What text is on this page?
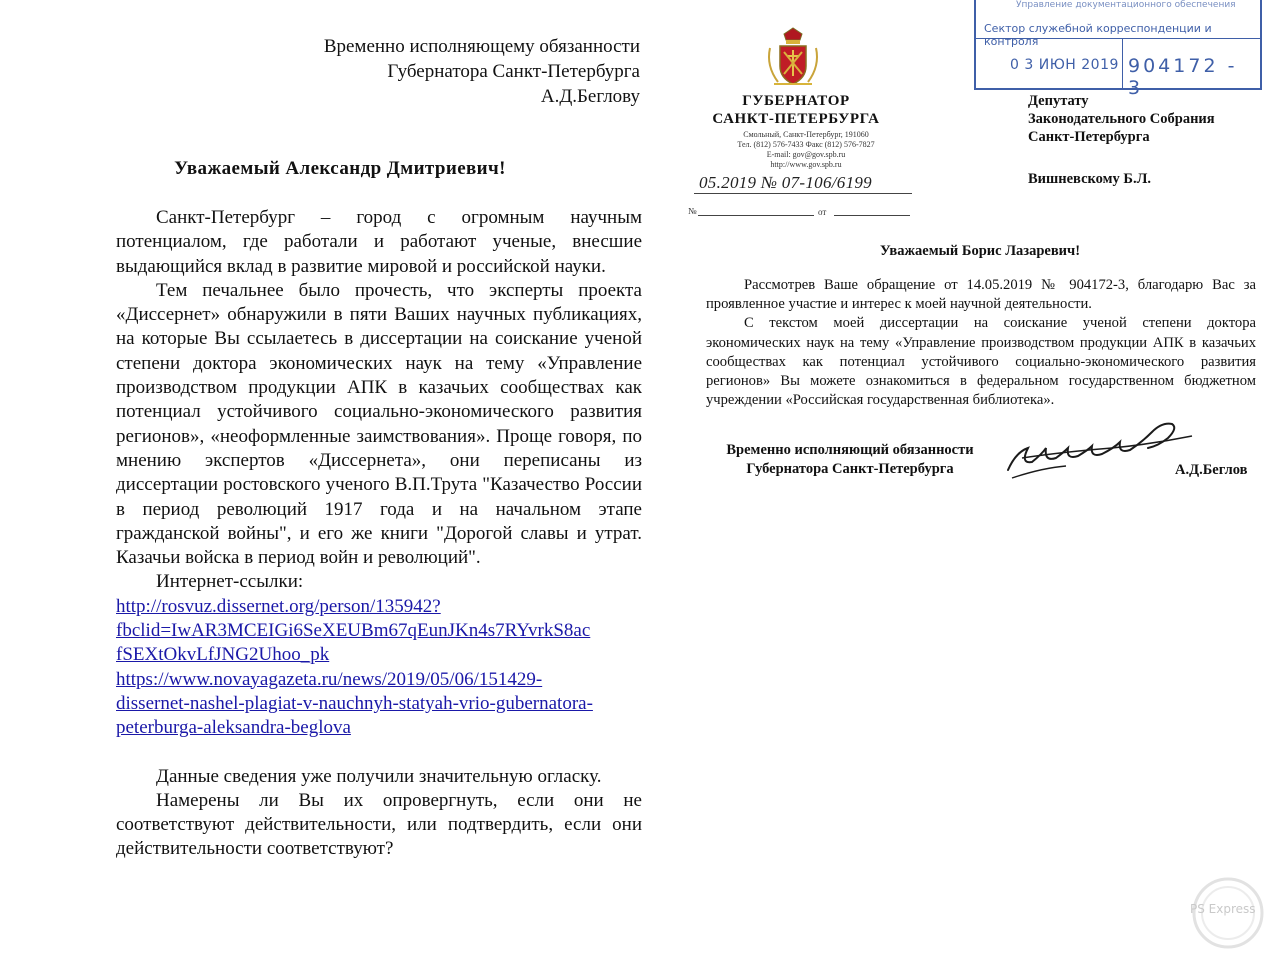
Временно исполняющему обязанности
Губернатора Санкт-Петербурга
А.Д.Беглову
Уважаемый Александр Дмитриевич!

Санкт-Петербург – город с огромным научным потенциалом, где работали и работают ученые, внесшие выдающийся вклад в развитие мировой и российской науки.

Тем печальнее было прочесть, что эксперты проекта «Диссернет» обнаружили в пяти Ваших научных публикациях, на которые Вы ссылаетесь в диссертации на соискание ученой степени доктора экономических наук на тему «Управление производством продукции АПК в казачьих сообществах как потенциал устойчивого социально-экономического развития регионов», «неоформленные заимствования». Проще говоря, по мнению экспертов «Диссернета», они переписаны из диссертации ростовского ученого В.П.Трута "Казачество России в период революций 1917 года и на начальном этапе гражданской войны", и его же книги "Дорогой славы и утрат. Казачьи войска в период войн и революций".

Интернет-ссылки:

http://rosvuz.dissernet.org/person/135942?
fbclid=IwAR3MCEIGi6SeXEUBm67qEunJKn4s7RYvrkS8ac
fSEXtOkvLfJNG2Uhoo_pk
https://www.novayagazeta.ru/news/2019/05/06/151429-
dissernet-nashel-plagiat-v-nauchnyh-statyah-vrio-gubernatora-
peterburga-aleksandra-beglova

Данные сведения уже получили значительную огласку.

Намерены ли Вы их опровергнуть, если они не соответствуют действительности, или подтвердить, если они действительности соответствуют?

ГУБЕРНАТОР
САНКТ-ПЕТЕРБУРГА
Смольный, Санкт-Петербург, 191060
Тел. (812) 576-7433 Факс (812) 576-7827
E-mail: gov@gov.spb.ru
http://www.gov.spb.ru
05.2019 № 07-106/6199
№	от
Управление документационного обеспечения
Сектор служебной корреспонденции и контроля
0 3 ИЮН 2019 904172 - 3
Депутату
Законодательного Собрания
Санкт-Петербурга
Вишневскому Б.Л.
Уважаемый Борис Лазаревич!

Рассмотрев Ваше обращение от 14.05.2019 № 904172-3, благодарю Вас за проявленное участие и интерес к моей научной деятельности.

С текстом моей диссертации на соискание ученой степени доктора экономических наук на тему «Управление производством продукции АПК в казачьих сообществах как потенциал устойчивого социально-экономического развития регионов» Вы можете ознакомиться в федеральном государственном бюджетном учреждении «Российская государственная библиотека».

Временно исполняющий обязанности
Губернатора Санкт-Петербурга	А.Д.Беглов
PS Express
